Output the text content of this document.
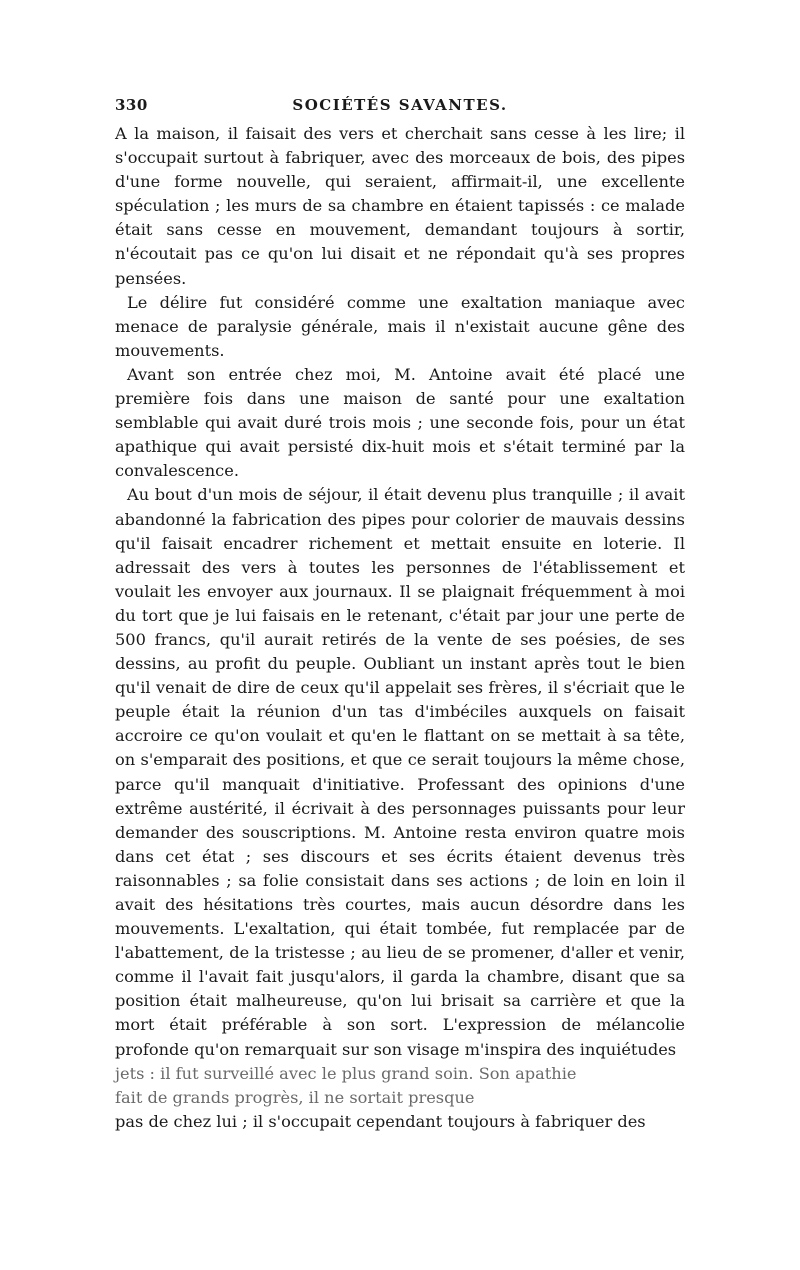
330	SOCIÉTÉS SAVANTES.

A la maison, il faisait des vers et cherchait sans cesse à les lire; il s'occupait surtout à fabriquer, avec des morceaux de bois, des pipes d'une forme nouvelle, qui seraient, affirmait-il, une excellente spéculation ; les murs de sa chambre en étaient tapissés : ce malade était sans cesse en mouvement, demandant toujours à sortir, n'écoutait pas ce qu'on lui disait et ne répondait qu'à ses propres pensées.

Le délire fut considéré comme une exaltation maniaque avec menace de paralysie générale, mais il n'existait aucune gêne des mouvements.

Avant son entrée chez moi, M. Antoine avait été placé une première fois dans une maison de santé pour une exaltation semblable qui avait duré trois mois ; une seconde fois, pour un état apathique qui avait persisté dix-huit mois et s'était terminé par la convalescence.

Au bout d'un mois de séjour, il était devenu plus tranquille ; il avait abandonné la fabrication des pipes pour colorier de mauvais dessins qu'il faisait encadrer richement et mettait ensuite en loterie. Il adressait des vers à toutes les personnes de l'établissement et voulait les envoyer aux journaux. Il se plaignait fréquemment à moi du tort que je lui faisais en le retenant, c'était par jour une perte de 500 francs, qu'il aurait retirés de la vente de ses poésies, de ses dessins, au profit du peuple. Oubliant un instant après tout le bien qu'il venait de dire de ceux qu'il appelait ses frères, il s'écriait que le peuple était la réunion d'un tas d'imbéciles auxquels on faisait accroire ce qu'on voulait et qu'en le flattant on se mettait à sa tête, on s'emparait des positions, et que ce serait toujours la même chose, parce qu'il manquait d'initiative. Professant des opinions d'une extrême austérité, il écrivait à des personnages puissants pour leur demander des souscriptions. M. Antoine resta environ quatre mois dans cet état ; ses discours et ses écrits étaient devenus très raisonnables ; sa folie consistait dans ses actions ; de loin en loin il avait des hésitations très courtes, mais aucun désordre dans les mouvements. L'exaltation, qui était tombée, fut remplacée par de l'abattement, de la tristesse ; au lieu de se promener, d'aller et venir, comme il l'avait fait jusqu'alors, il garda la chambre, disant que sa position était malheureuse, qu'on lui brisait sa carrière et que la mort était préférable à son sort. L'expression de mélancolie profonde qu'on remarquait sur son visage m'inspira des inquiétudes

jets : il fut surveillé avec le plus grand soin. Son apathie

fait de grands progrès, il ne sortait presque

pas de chez lui ; il s'occupait cependant toujours à fabriquer des
